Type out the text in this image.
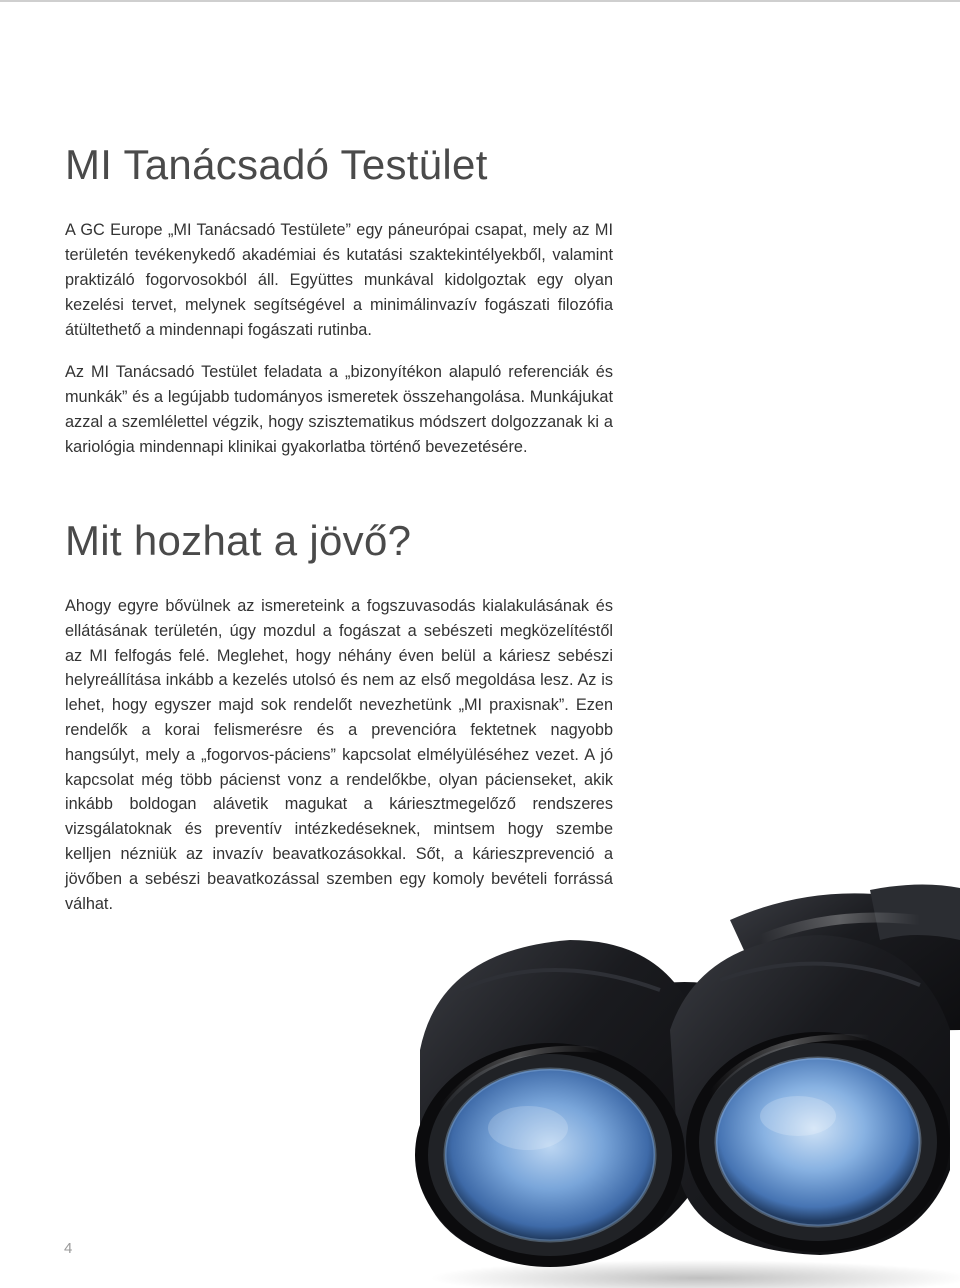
MI Tanácsadó Testület

A GC Europe „MI Tanácsadó Testülete” egy páneurópai csapat, mely az MI területén tevékenykedő akadémiai és kutatási szaktekintélyekből, valamint praktizáló fogorvosokból áll. Együttes munkával kidolgoztak egy olyan kezelési tervet, melynek segítségével a minimálinvazív fogászati filozófia átültethető a mindennapi fogászati rutinba.

Az MI Tanácsadó Testület feladata a „bizonyítékon alapuló referenciák és munkák” és a legújabb tudományos ismeretek összehangolása. Munkájukat azzal a szemlélettel végzik, hogy szisztematikus módszert dolgozzanak ki a kariológia mindennapi klinikai gyakorlatba történő bevezetésére.

Mit hozhat a jövő?

Ahogy egyre bővülnek az ismereteink a fogszuvasodás kialakulásának és ellátásának területén, úgy mozdul a fogászat a sebészeti megközelítéstől az MI felfogás felé. Meglehet, hogy néhány éven belül a káriesz sebészi helyreállítása inkább a kezelés utolsó és nem az első megoldása lesz. Az is lehet, hogy egyszer majd sok rendelőt nevezhetünk „MI praxisnak”. Ezen rendelők a korai felismerésre és a prevencióra fektetnek nagyobb hangsúlyt, mely a „fogorvos-páciens” kapcsolat elmélyüléséhez vezet. A jó kapcsolat még több pácienst vonz a rendelőkbe, olyan pácienseket, akik inkább boldogan alávetik magukat a káriesztmegelőző rendszeres vizsgálatoknak és preventív intézkedéseknek, mintsem hogy szembe kelljen nézniük az invazív beavatkozásokkal. Sőt, a kárieszprevenció a jövőben a sebészi beavatkozással szemben egy komoly bevételi forrássá válhat.

4
